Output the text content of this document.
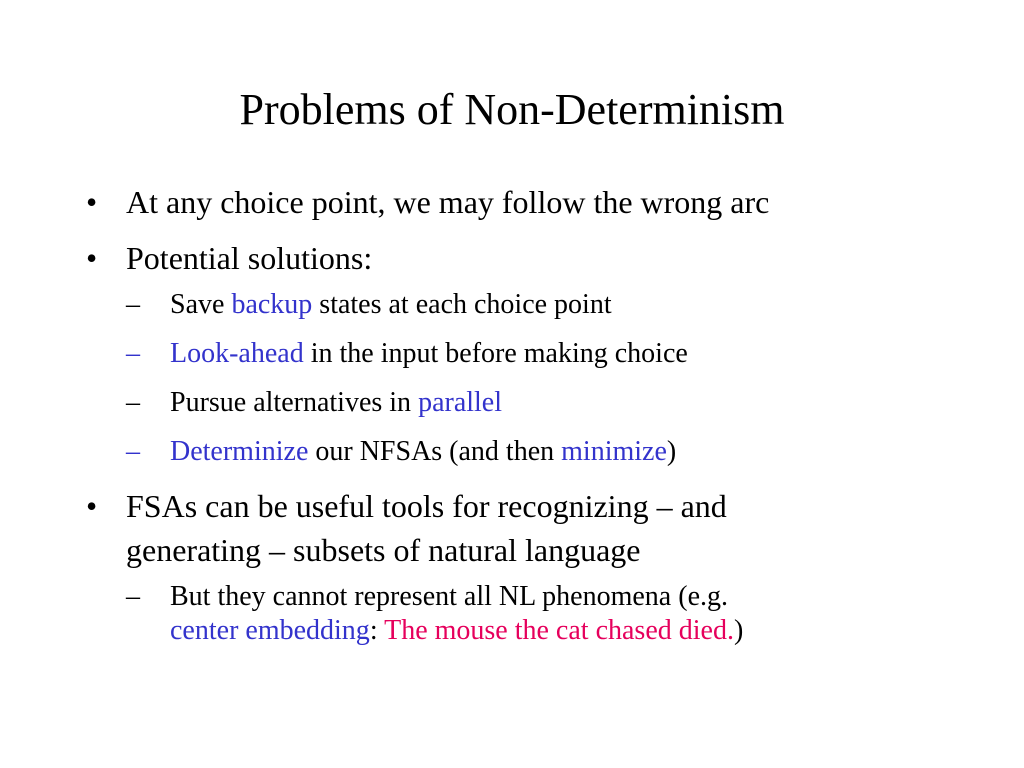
Problems of Non-Determinism
• At any choice point, we may follow the wrong arc
• Potential solutions:
– Save backup states at each choice point
– Look-ahead in the input before making choice
– Pursue alternatives in parallel
– Determinize our NFSAs (and then minimize)
• FSAs can be useful tools for recognizing – and
generating – subsets of natural language
– But they cannot represent all NL phenomena (e.g.
center embedding: The mouse the cat chased died.)
